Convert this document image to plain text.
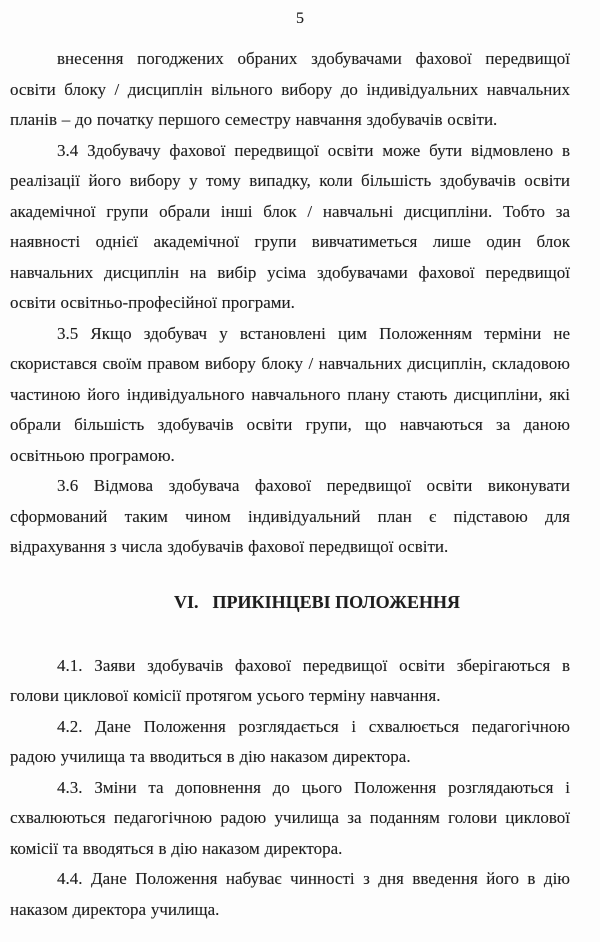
5

внесення погоджених обраних здобувачами фахової передвищої освіти блоку / дисциплін вільного вибору до індивідуальних навчальних планів – до початку першого семестру навчання здобувачів освіти.

3.4 Здобувачу фахової передвищої освіти може бути відмовлено в реалізації його вибору у тому випадку, коли більшість здобувачів освіти академічної групи обрали інші блок / навчальні дисципліни. Тобто за наявності однієї академічної групи вивчатиметься лише один блок навчальних дисциплін на вибір усіма здобувачами фахової передвищої освіти освітньо-професійної програми.

3.5 Якщо здобувач у встановлені цим Положенням терміни не скористався своїм правом вибору блоку / навчальних дисциплін, складовою частиною його індивідуального навчального плану стають дисципліни, які обрали більшість здобувачів освіти групи, що навчаються за даною освітньою програмою.

3.6 Відмова здобувача фахової передвищої освіти виконувати сформований таким чином індивідуальний план є підставою для відрахування з числа здобувачів фахової передвищої освіти.

VI. ПРИКІНЦЕВІ ПОЛОЖЕННЯ

4.1. Заяви здобувачів фахової передвищої освіти зберігаються в голови циклової комісії протягом усього терміну навчання.

4.2. Дане Положення розглядається і схвалюється педагогічною радою училища та вводиться в дію наказом директора.

4.3. Зміни та доповнення до цього Положення розглядаються і схвалюються педагогічною радою училища за поданням голови циклової комісії та вводяться в дію наказом директора.

4.4. Дане Положення набуває чинності з дня введення його в дію наказом директора училища.
